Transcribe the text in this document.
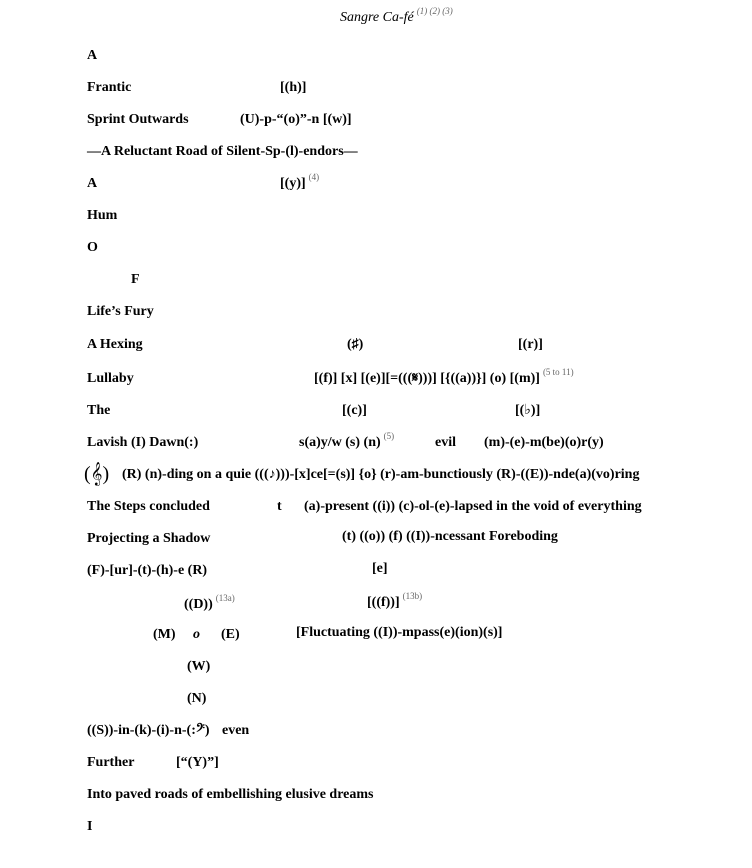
Sangre Ca-fé $^{(1) (2) (3)}$
A
Frantic	[(h)]
Sprint Outwards	(U)-p-“(o)”-n [(w)]
—A Reluctant Road of Silent-Sp-(l)-endors—
A	[(y)] $^{(4)}$
Hum
O
F
Life’s Fury
A Hexing	(♯)	[(r)]
Lullaby	[(f)] [x] [(e)][=(((𝄋)))] [{((a))}] (o) [(m)] $^{(5 to 11)}$
The	[(c)]	[(♭)]
Lavish (I) Dawn(:)	s(a)y/w (s) (n) $^{(5)}$	evil (m)-(e)-m(be)(o)r(y)
(𝄞) (R) (n)-ding on a quie (((♪)))-[x]ce[=(s)] {o} (r)-am-bunctiously (R)-((E))-nde(a)(vo)ring
The Steps concluded	t (a)-present ((i)) (c)-ol-(e)-lapsed in the void of everything
Projecting a Shadow	(t) ((o)) (f) ((I))-ncessant Foreboding
(F)-[ur]-(t)-(h)-e (R)	[e]
((D)) $^{(13a)}$	[((f))] $^{(13b)}$
(M) o (E)	[Fluctuating ((I))-mpass(e)(ion)(s)]
(W)
(N)
((S))-in-(k)-(i)-n-(:𝄢) even
Further	[“(Y)”]
Into paved roads of embellishing elusive dreams
I
